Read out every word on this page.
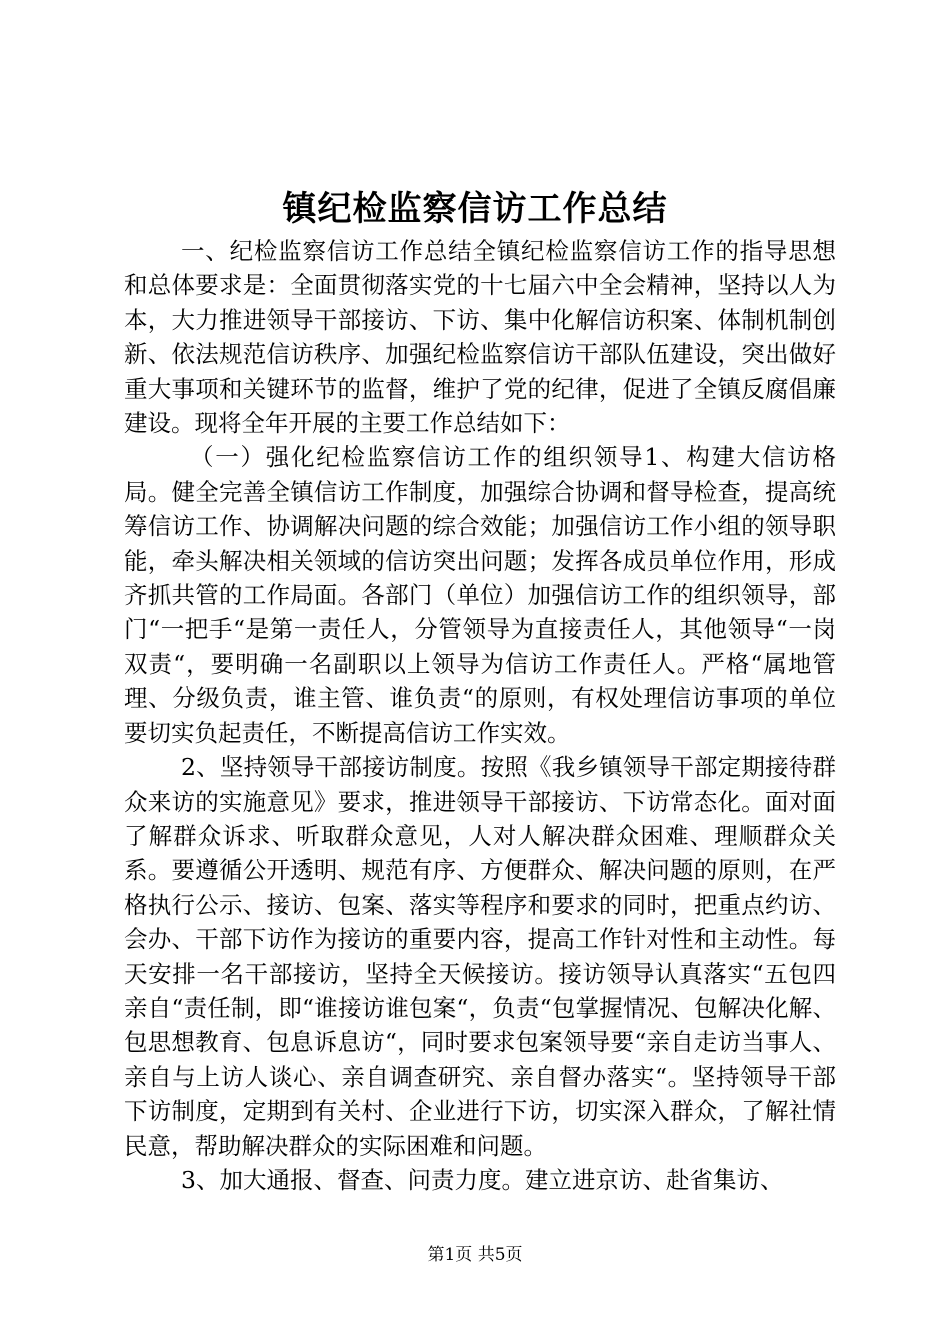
镇纪检监察信访工作总结

一、纪检监察信访工作总结全镇纪检监察信访工作的指导思想和总体要求是：全面贯彻落实党的十七届六中全会精神，坚持以人为本，大力推进领导干部接访、下访、集中化解信访积案、体制机制创新、依法规范信访秩序、加强纪检监察信访干部队伍建设，突出做好重大事项和关键环节的监督，维护了党的纪律，促进了全镇反腐倡廉建设。现将全年开展的主要工作总结如下：

（一）强化纪检监察信访工作的组织领导1、构建大信访格局。健全完善全镇信访工作制度，加强综合协调和督导检查，提高统筹信访工作、协调解决问题的综合效能；加强信访工作小组的领导职能，牵头解决相关领域的信访突出问题；发挥各成员单位作用，形成齐抓共管的工作局面。各部门（单位）加强信访工作的组织领导，部门“一把手“是第一责任人，分管领导为直接责任人，其他领导“一岗双责“，要明确一名副职以上领导为信访工作责任人。严格“属地管理、分级负责，谁主管、谁负责“的原则，有权处理信访事项的单位要切实负起责任，不断提高信访工作实效。

2、坚持领导干部接访制度。按照《我乡镇领导干部定期接待群众来访的实施意见》要求，推进领导干部接访、下访常态化。面对面了解群众诉求、听取群众意见，人对人解决群众困难、理顺群众关系。要遵循公开透明、规范有序、方便群众、解决问题的原则，在严格执行公示、接访、包案、落实等程序和要求的同时，把重点约访、会办、干部下访作为接访的重要内容，提高工作针对性和主动性。每天安排一名干部接访，坚持全天候接访。接访领导认真落实“五包四亲自“责任制，即“谁接访谁包案“，负责“包掌握情况、包解决化解、包思想教育、包息诉息访“，同时要求包案领导要“亲自走访当事人、亲自与上访人谈心、亲自调查研究、亲自督办落实“。坚持领导干部下访制度，定期到有关村、企业进行下访，切实深入群众，了解社情民意，帮助解决群众的实际困难和问题。

3、加大通报、督查、问责力度。建立进京访、赴省集访、

第1页 共5页
